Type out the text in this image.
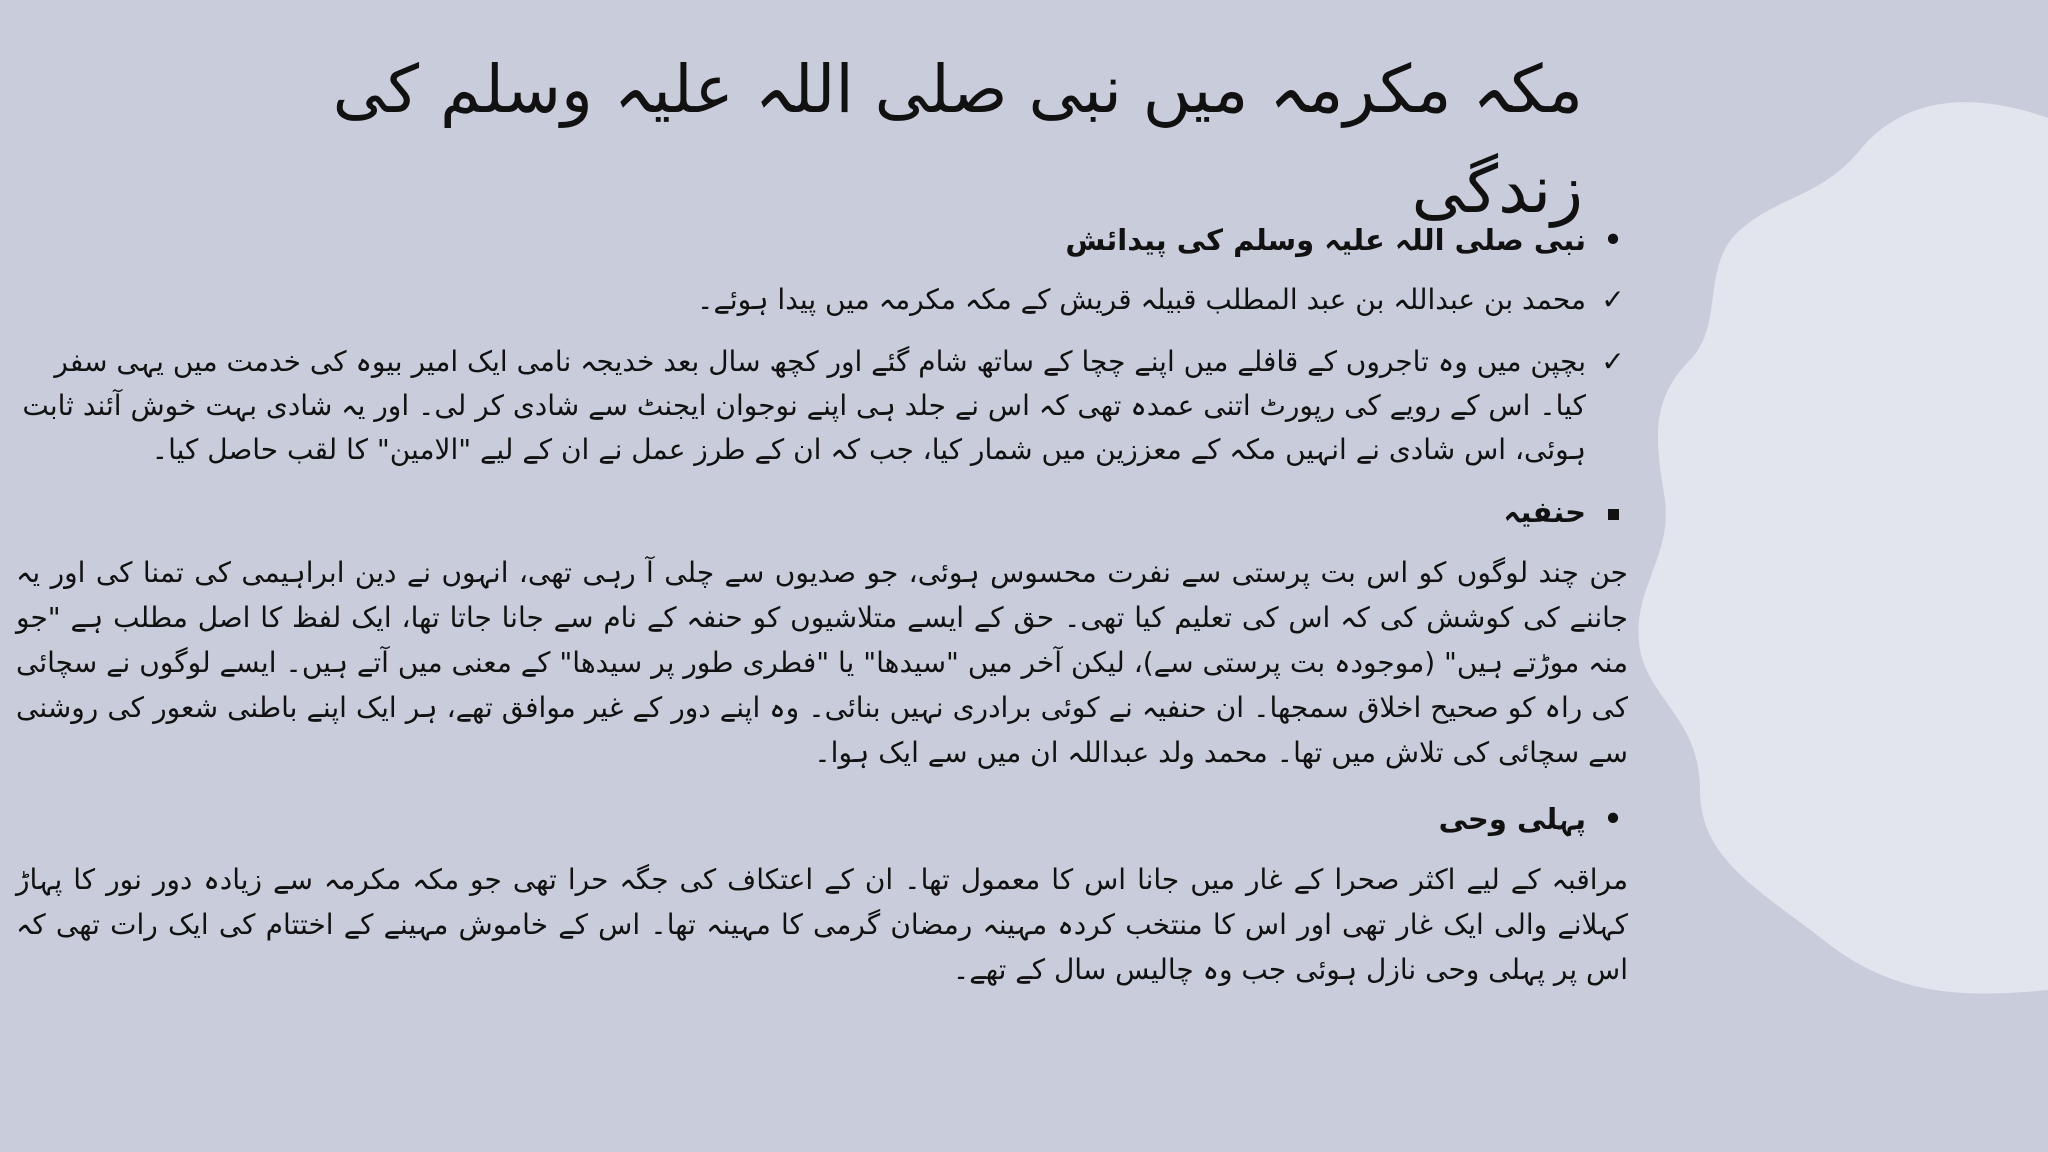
مکہ مکرمہ میں نبی صلی اللہ علیہ وسلم کی زندگی
•
نبی صلی اللہ علیہ وسلم کی پیدائش
✓
محمد بن عبداللہ بن عبد المطلب قبیلہ قریش کے مکہ مکرمہ میں پیدا ہوئے۔
✓
بچپن میں وہ تاجروں کے قافلے میں اپنے چچا کے ساتھ شام گئے اور کچھ سال بعد خدیجہ نامی ایک امیر بیوہ کی خدمت میں یہی سفر کیا۔ اس کے رویے کی رپورٹ اتنی عمدہ تھی کہ اس نے جلد ہی اپنے نوجوان ایجنٹ سے شادی کر لی۔ اور یہ شادی بہت خوش آئند ثابت ہوئی، اس شادی نے انہیں مکہ کے معززین میں شمار کیا، جب کہ ان کے طرز عمل نے ان کے لیے "الامین" کا لقب حاصل کیا۔
حنفیہ

جن چند لوگوں کو اس بت پرستی سے نفرت محسوس ہوئی، جو صدیوں سے چلی آ رہی تھی، انہوں نے دین ابراہیمی کی تمنا کی اور یہ جاننے کی کوشش کی کہ اس کی تعلیم کیا تھی۔ حق کے ایسے متلاشیوں کو حنفہ کے نام سے جانا جاتا تھا، ایک لفظ کا اصل مطلب ہے "جو منہ موڑتے ہیں" (موجودہ بت پرستی سے)، لیکن آخر میں "سیدھا" یا "فطری طور پر سیدھا" کے معنی میں آتے ہیں۔ ایسے لوگوں نے سچائی کی راہ کو صحیح اخلاق سمجھا۔ ان حنفیہ نے کوئی برادری نہیں بنائی۔ وہ اپنے دور کے غیر موافق تھے، ہر ایک اپنے باطنی شعور کی روشنی سے سچائی کی تلاش میں تھا۔ محمد ولد عبداللہ ان میں سے ایک ہوا۔

•
پہلی وحی

مراقبہ کے لیے اکثر صحرا کے غار میں جانا اس کا معمول تھا۔ ان کے اعتکاف کی جگہ حرا تھی جو مکہ مکرمہ سے زیادہ دور نور کا پہاڑ کہلانے والی ایک غار تھی اور اس کا منتخب کردہ مہینہ رمضان گرمی کا مہینہ تھا۔ اس کے خاموش مہینے کے اختتام کی ایک رات تھی کہ اس پر پہلی وحی نازل ہوئی جب وہ چالیس سال کے تھے۔
